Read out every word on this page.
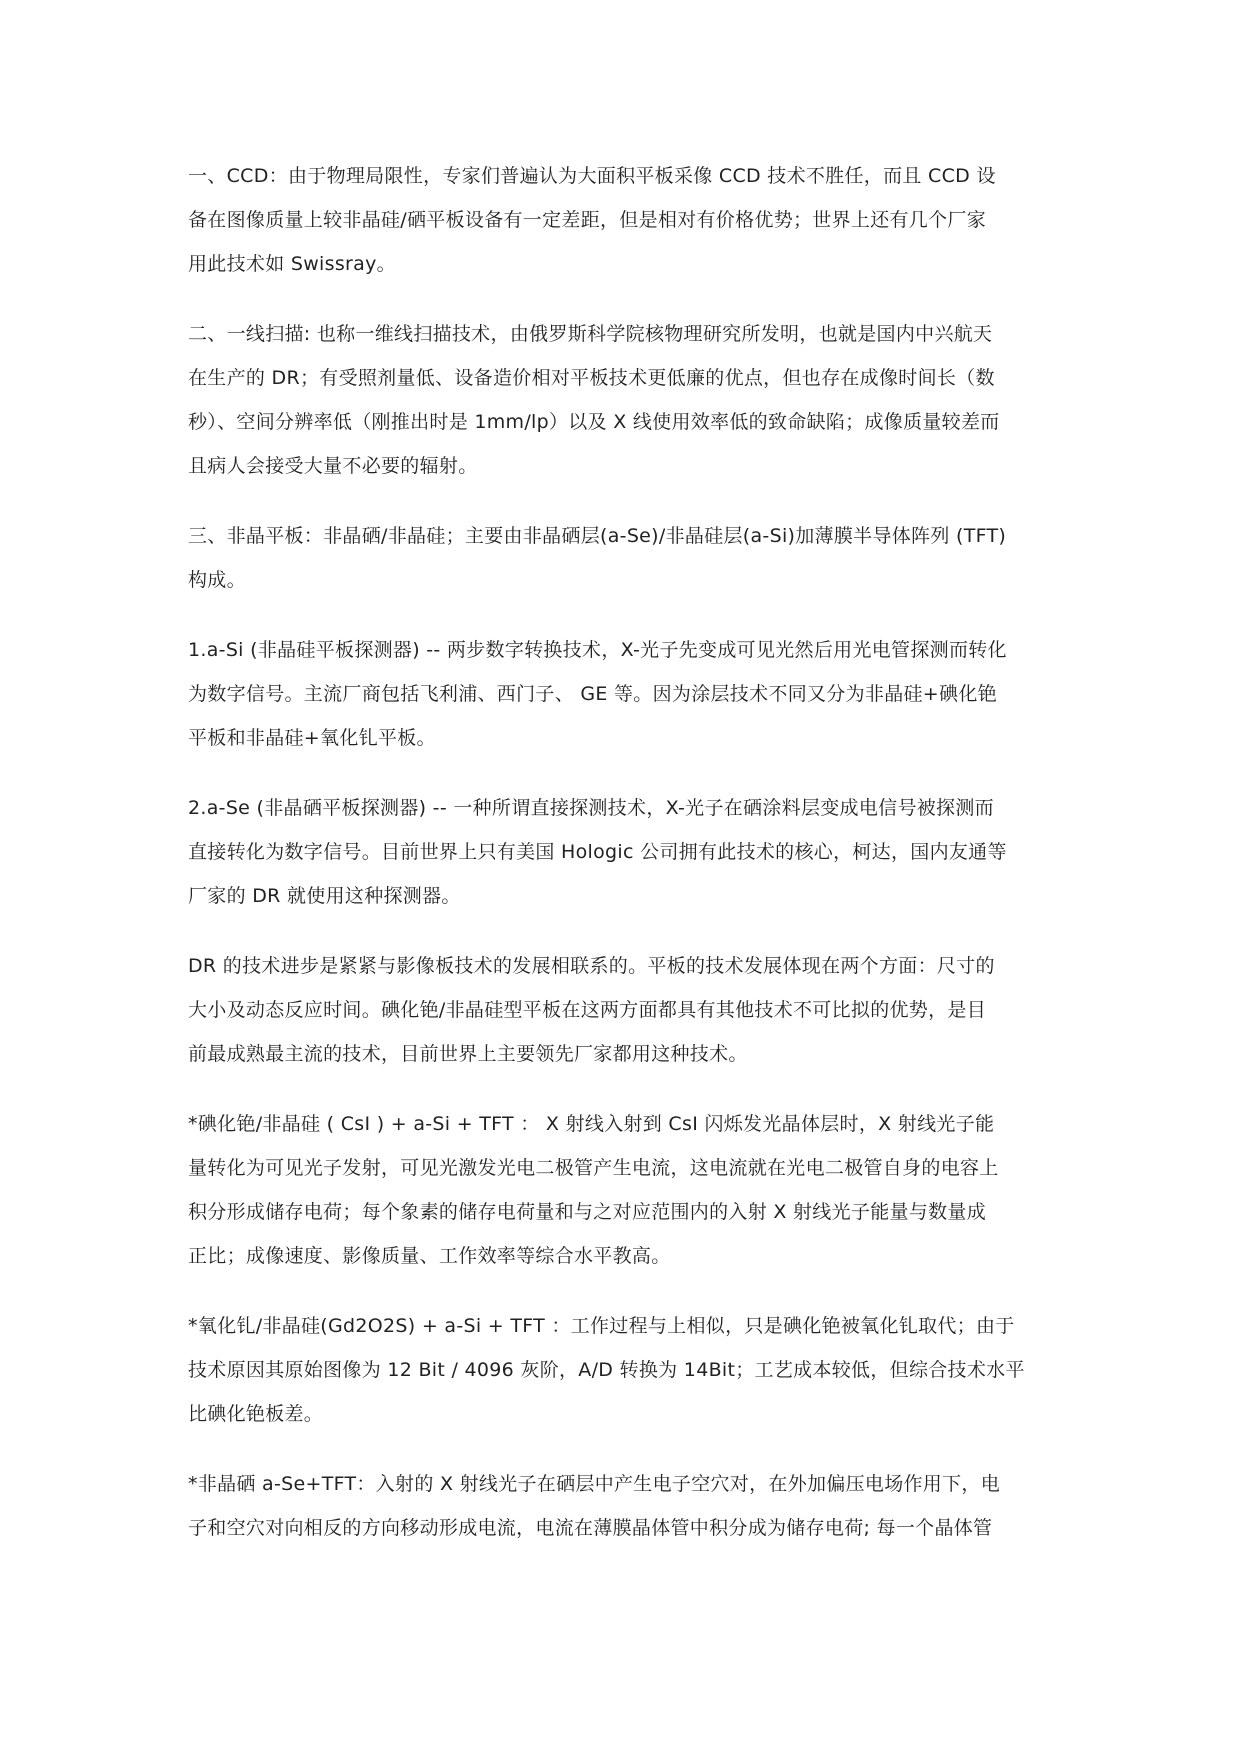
一、CCD：由于物理局限性，专家们普遍认为大面积平板采像 CCD 技术不胜任，而且 CCD 设
备在图像质量上较非晶硅/硒平板设备有一定差距，但是相对有价格优势；世界上还有几个厂家
用此技术如 Swissray。

二、一线扫描: 也称一维线扫描技术，由俄罗斯科学院核物理研究所发明，也就是国内中兴航天
在生产的 DR；有受照剂量低、设备造价相对平板技术更低廉的优点，但也存在成像时间长（数
秒）、空间分辨率低（刚推出时是 1mm/lp）以及 X 线使用效率低的致命缺陷；成像质量较差而
且病人会接受大量不必要的辐射。

三、非晶平板：非晶硒/非晶硅；主要由非晶硒层(a-Se)/非晶硅层(a-Si)加薄膜半导体阵列 (TFT)
构成。

1.a-Si (非晶硅平板探测器) -- 两步数字转换技术，X-光子先变成可见光然后用光电管探测而转化
为数字信号。主流厂商包括飞利浦、西门子、 GE 等。因为涂层技术不同又分为非晶硅+碘化铯
平板和非晶硅+氧化钆平板。

2.a-Se (非晶硒平板探测器) -- 一种所谓直接探测技术，X-光子在硒涂料层变成电信号被探测而
直接转化为数字信号。目前世界上只有美国 Hologic 公司拥有此技术的核心，柯达，国内友通等
厂家的 DR 就使用这种探测器。

DR 的技术进步是紧紧与影像板技术的发展相联系的。平板的技术发展体现在两个方面：尺寸的
大小及动态反应时间。碘化铯/非晶硅型平板在这两方面都具有其他技术不可比拟的优势，是目
前最成熟最主流的技术，目前世界上主要领先厂家都用这种技术。

*碘化铯/非晶硅 ( CsI ) + a-Si + TFT ： X 射线入射到 CsI 闪烁发光晶体层时，X 射线光子能
量转化为可见光子发射，可见光激发光电二极管产生电流，这电流就在光电二极管自身的电容上
积分形成储存电荷；每个象素的储存电荷量和与之对应范围内的入射 X 射线光子能量与数量成
正比；成像速度、影像质量、工作效率等综合水平教高。

*氧化钆/非晶硅(Gd2O2S) + a-Si + TFT ：工作过程与上相似，只是碘化铯被氧化钆取代；由于
技术原因其原始图像为 12 Bit / 4096 灰阶，A/D 转换为 14Bit；工艺成本较低，但综合技术水平
比碘化铯板差。

*非晶硒 a-Se+TFT：入射的 X 射线光子在硒层中产生电子空穴对，在外加偏压电场作用下，电
子和空穴对向相反的方向移动形成电流，电流在薄膜晶体管中积分成为储存电荷; 每一个晶体管
